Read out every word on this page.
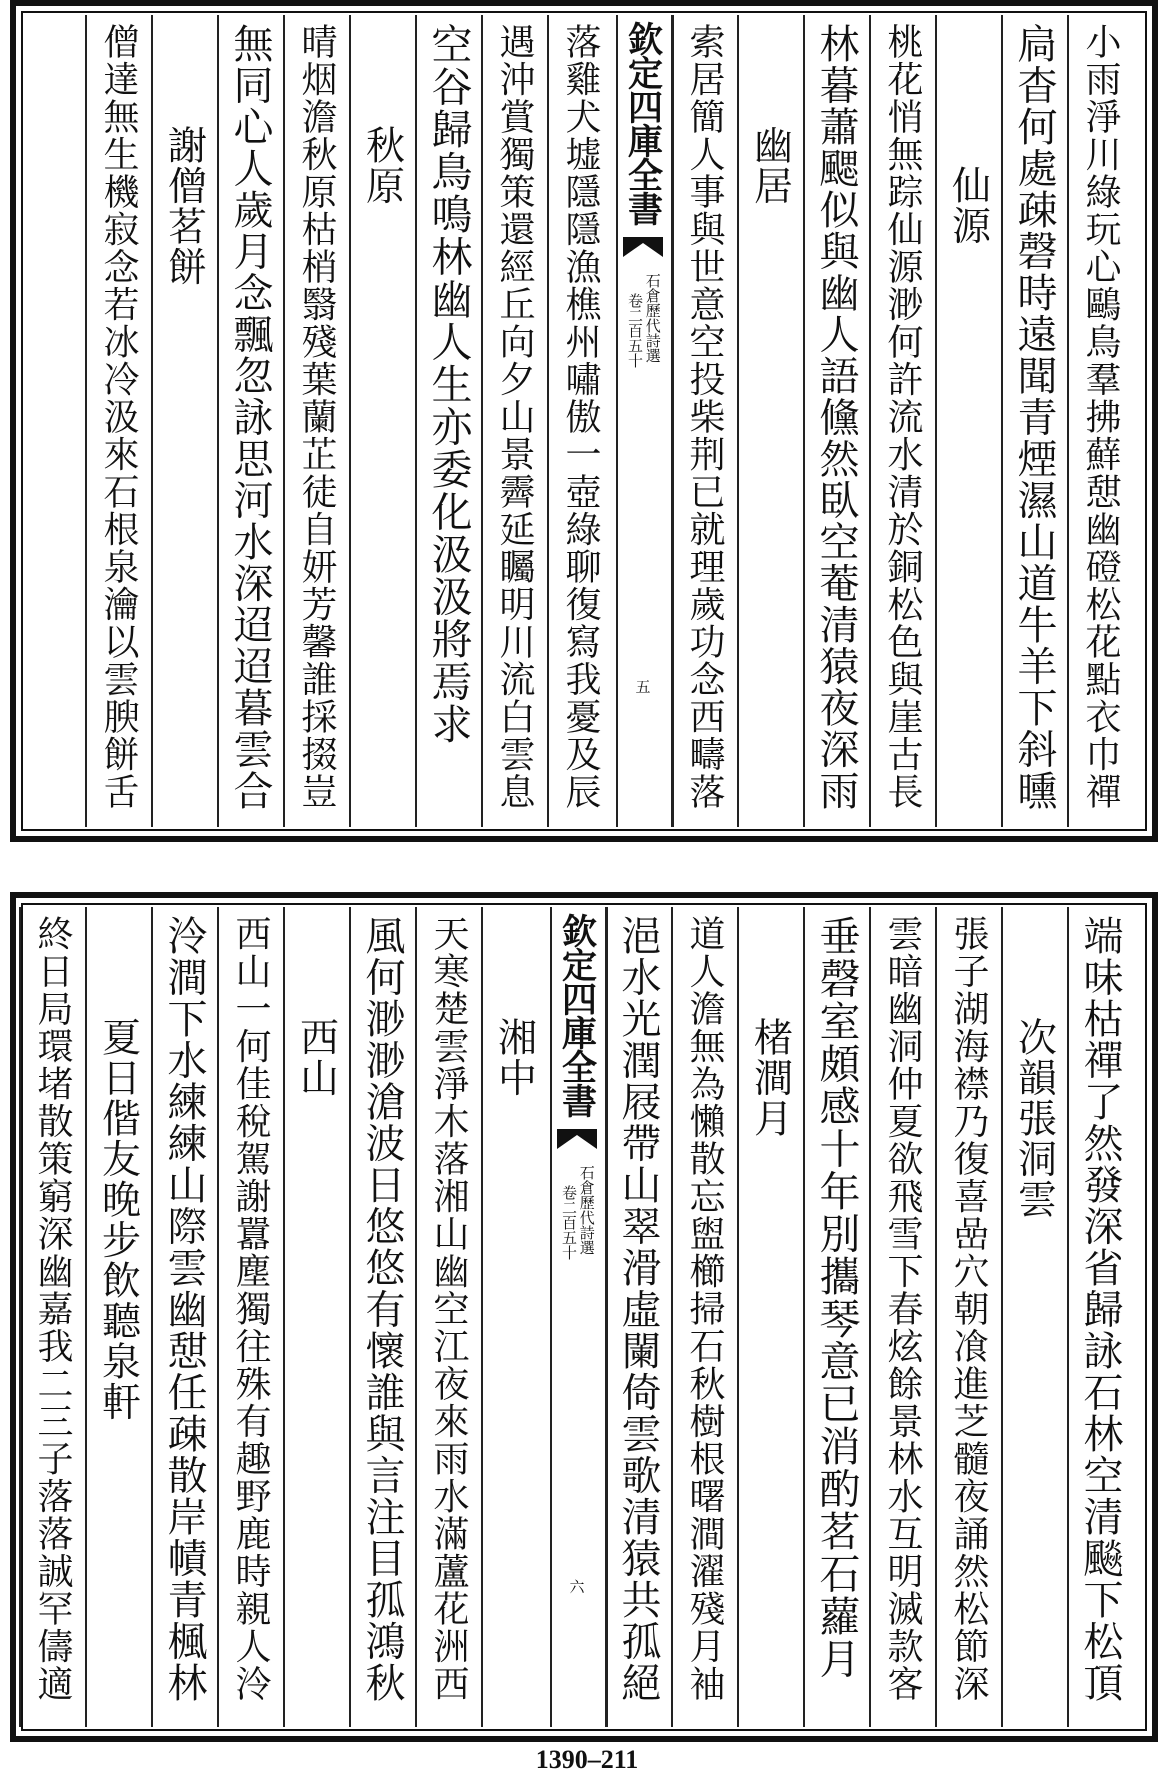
小雨淨川綠玩心鷗鳥羣拂蘚憇幽磴松花點衣巾禪
扃杳何處疎磬時遠聞青煙濕山道牛羊下斜曛
仙源
桃花悄無踪仙源渺何許流水清於銅松色與崖古長
林暮蕭颸似與幽人語儵然臥空菴清猿夜深雨
幽居
索居簡人事與世意空投柴荆已就理歲功念西疇落
欽定四庫全書
石倉歷代詩選
卷二百五十
五
落雞犬墟隱隱漁樵州嘯傲一壺綠聊復寫我憂及辰
遇沖賞獨策還經丘向夕山景霽延矚明川流白雲息
空谷歸鳥鳴林幽人生亦委化汲汲將焉求
秋原
晴烟澹秋原枯梢翳殘葉蘭芷徒自妍芳馨誰採掇豈
無同心人歲月念飄忽詠思河水深迢迢暮雲合
謝僧茗餅
僧達無生機寂念若冰冷汲來石根泉瀹以雲腴餅舌
端味枯禪了然發深省歸詠石林空清飈下松頂
次韻張洞雲
張子湖海襟乃復喜嵒穴朝飡進芝髓夜誦然松節深
雲暗幽洞仲夏欲飛雪下春炫餘景林水互明滅款客
垂磬室頗感十年別攜琴意已消酌茗石蘿月
楮澗月
道人澹無為懶散忘盥櫛掃石秋樹根曙澗濯殘月袖
浥水光潤屐帶山翠滑虛闌倚雲歌清猿共孤絕
欽定四庫全書
石倉歷代詩選
卷二百五十
六
湘中
天寒楚雲淨木落湘山幽空江夜來雨水滿蘆花洲西
風何渺渺滄波日悠悠有懷誰與言注目孤鴻秋
西山
西山一何佳稅駕謝囂塵獨往殊有趣野鹿時親人泠
泠澗下水練練山際雲幽憇任疎散岸幘青楓林
夏日偕友晚步飲聽泉軒
終日局環堵散策窮深幽嘉我二三子落落誠罕儔適
1390–211
